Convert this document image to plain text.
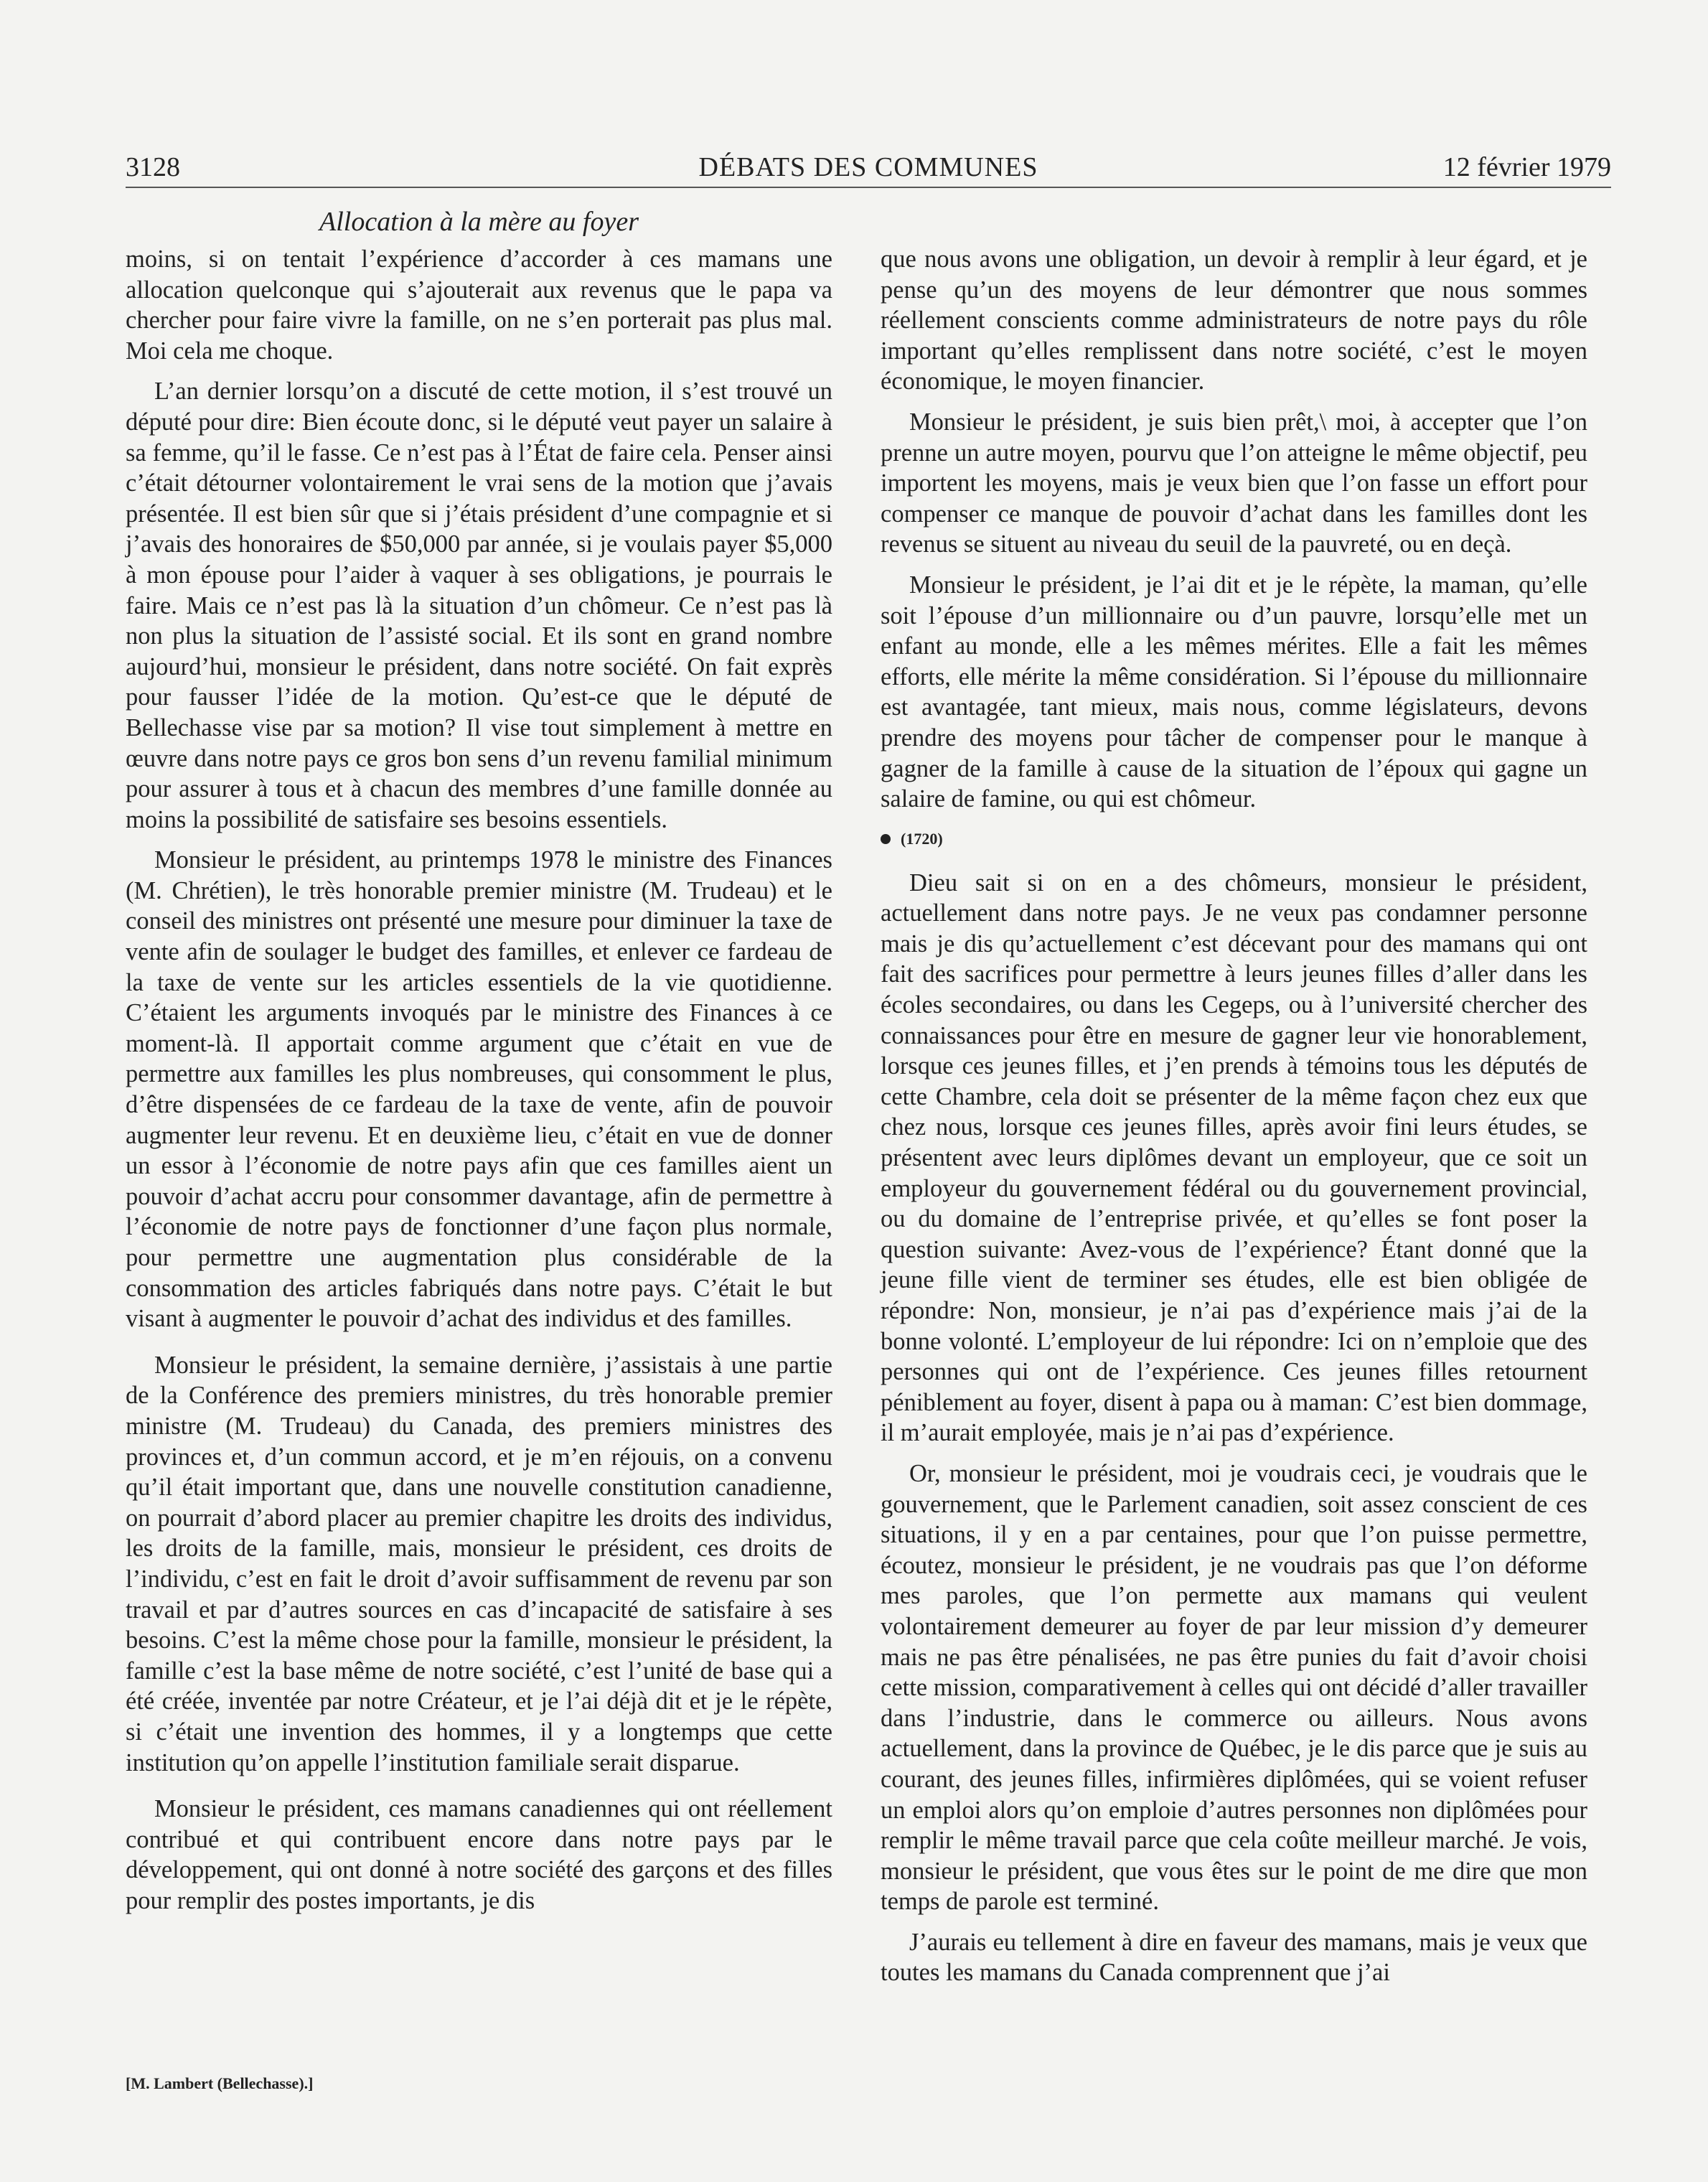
3128	DÉBATS DES COMMUNES	12 février 1979
Allocation à la mère au foyer

moins, si on tentait l’expérience d’accorder à ces mamans une allocation quelconque qui s’ajouterait aux revenus que le papa va chercher pour faire vivre la famille, on ne s’en porterait pas plus mal. Moi cela me choque.

L’an dernier lorsqu’on a discuté de cette motion, il s’est trouvé un député pour dire: Bien écoute donc, si le député veut payer un salaire à sa femme, qu’il le fasse. Ce n’est pas à l’État de faire cela. Penser ainsi c’était détourner volontairement le vrai sens de la motion que j’avais présentée. Il est bien sûr que si j’étais président d’une compagnie et si j’avais des honoraires de $50,000 par année, si je voulais payer $5,000 à mon épouse pour l’aider à vaquer à ses obligations, je pourrais le faire. Mais ce n’est pas là la situation d’un chômeur. Ce n’est pas là non plus la situation de l’assisté social. Et ils sont en grand nombre aujourd’hui, monsieur le président, dans notre société. On fait exprès pour fausser l’idée de la motion. Qu’est-ce que le député de Bellechasse vise par sa motion? Il vise tout simplement à mettre en œuvre dans notre pays ce gros bon sens d’un revenu familial minimum pour assurer à tous et à chacun des membres d’une famille donnée au moins la possibilité de satisfaire ses besoins essentiels.

Monsieur le président, au printemps 1978 le ministre des Finances (M. Chrétien), le très honorable premier ministre (M. Trudeau) et le conseil des ministres ont présenté une mesure pour diminuer la taxe de vente afin de soulager le budget des familles, et enlever ce fardeau de la taxe de vente sur les articles essentiels de la vie quotidienne. C’étaient les arguments invoqués par le ministre des Finances à ce moment-là. Il apportait comme argument que c’était en vue de permettre aux familles les plus nombreuses, qui consomment le plus, d’être dispensées de ce fardeau de la taxe de vente, afin de pouvoir augmenter leur revenu. Et en deuxième lieu, c’était en vue de donner un essor à l’économie de notre pays afin que ces familles aient un pouvoir d’achat accru pour consommer davantage, afin de permettre à l’économie de notre pays de fonctionner d’une façon plus normale, pour permettre une augmentation plus considérable de la consommation des articles fabriqués dans notre pays. C’était le but visant à augmenter le pouvoir d’achat des individus et des familles.

Monsieur le président, la semaine dernière, j’assistais à une partie de la Conférence des premiers ministres, du très honorable premier ministre (M. Trudeau) du Canada, des premiers ministres des provinces et, d’un commun accord, et je m’en réjouis, on a convenu qu’il était important que, dans une nouvelle constitution canadienne, on pourrait d’abord placer au premier chapitre les droits des individus, les droits de la famille, mais, monsieur le président, ces droits de l’individu, c’est en fait le droit d’avoir suffisamment de revenu par son travail et par d’autres sources en cas d’incapacité de satisfaire à ses besoins. C’est la même chose pour la famille, monsieur le président, la famille c’est la base même de notre société, c’est l’unité de base qui a été créée, inventée par notre Créateur, et je l’ai déjà dit et je le répète, si c’était une invention des hommes, il y a longtemps que cette institution qu’on appelle l’institution familiale serait disparue.

Monsieur le président, ces mamans canadiennes qui ont réellement contribué et qui contribuent encore dans notre pays par le développement, qui ont donné à notre société des garçons et des filles pour remplir des postes importants, je dis

que nous avons une obligation, un devoir à remplir à leur égard, et je pense qu’un des moyens de leur démontrer que nous sommes réellement conscients comme administrateurs de notre pays du rôle important qu’elles remplissent dans notre société, c’est le moyen économique, le moyen financier.

Monsieur le président, je suis bien prêt,\ moi, à accepter que l’on prenne un autre moyen, pourvu que l’on atteigne le même objectif, peu importent les moyens, mais je veux bien que l’on fasse un effort pour compenser ce manque de pouvoir d’achat dans les familles dont les revenus se situent au niveau du seuil de la pauvreté, ou en deçà.

Monsieur le président, je l’ai dit et je le répète, la maman, qu’elle soit l’épouse d’un millionnaire ou d’un pauvre, lorsqu’elle met un enfant au monde, elle a les mêmes mérites. Elle a fait les mêmes efforts, elle mérite la même considération. Si l’épouse du millionnaire est avantagée, tant mieux, mais nous, comme législateurs, devons prendre des moyens pour tâcher de compenser pour le manque à gagner de la famille à cause de la situation de l’époux qui gagne un salaire de famine, ou qui est chômeur.

(1720)

Dieu sait si on en a des chômeurs, monsieur le président, actuellement dans notre pays. Je ne veux pas condamner personne mais je dis qu’actuellement c’est décevant pour des mamans qui ont fait des sacrifices pour permettre à leurs jeunes filles d’aller dans les écoles secondaires, ou dans les Cegeps, ou à l’université chercher des connaissances pour être en mesure de gagner leur vie honorablement, lorsque ces jeunes filles, et j’en prends à témoins tous les députés de cette Chambre, cela doit se présenter de la même façon chez eux que chez nous, lorsque ces jeunes filles, après avoir fini leurs études, se présentent avec leurs diplômes devant un employeur, que ce soit un employeur du gouvernement fédéral ou du gouvernement provincial, ou du domaine de l’entreprise privée, et qu’elles se font poser la question suivante: Avez-vous de l’expérience? Étant donné que la jeune fille vient de terminer ses études, elle est bien obligée de répondre: Non, monsieur, je n’ai pas d’expérience mais j’ai de la bonne volonté. L’employeur de lui répondre: Ici on n’emploie que des personnes qui ont de l’expérience. Ces jeunes filles retournent péniblement au foyer, disent à papa ou à maman: C’est bien dommage, il m’aurait employée, mais je n’ai pas d’expérience.

Or, monsieur le président, moi je voudrais ceci, je voudrais que le gouvernement, que le Parlement canadien, soit assez conscient de ces situations, il y en a par centaines, pour que l’on puisse permettre, écoutez, monsieur le président, je ne voudrais pas que l’on déforme mes paroles, que l’on permette aux mamans qui veulent volontairement demeurer au foyer de par leur mission d’y demeurer mais ne pas être pénalisées, ne pas être punies du fait d’avoir choisi cette mission, comparativement à celles qui ont décidé d’aller travailler dans l’industrie, dans le commerce ou ailleurs. Nous avons actuellement, dans la province de Québec, je le dis parce que je suis au courant, des jeunes filles, infirmières diplômées, qui se voient refuser un emploi alors qu’on emploie d’autres personnes non diplômées pour remplir le même travail parce que cela coûte meilleur marché. Je vois, monsieur le président, que vous êtes sur le point de me dire que mon temps de parole est terminé.

J’aurais eu tellement à dire en faveur des mamans, mais je veux que toutes les mamans du Canada comprennent que j’ai

[M. Lambert (Bellechasse).]
